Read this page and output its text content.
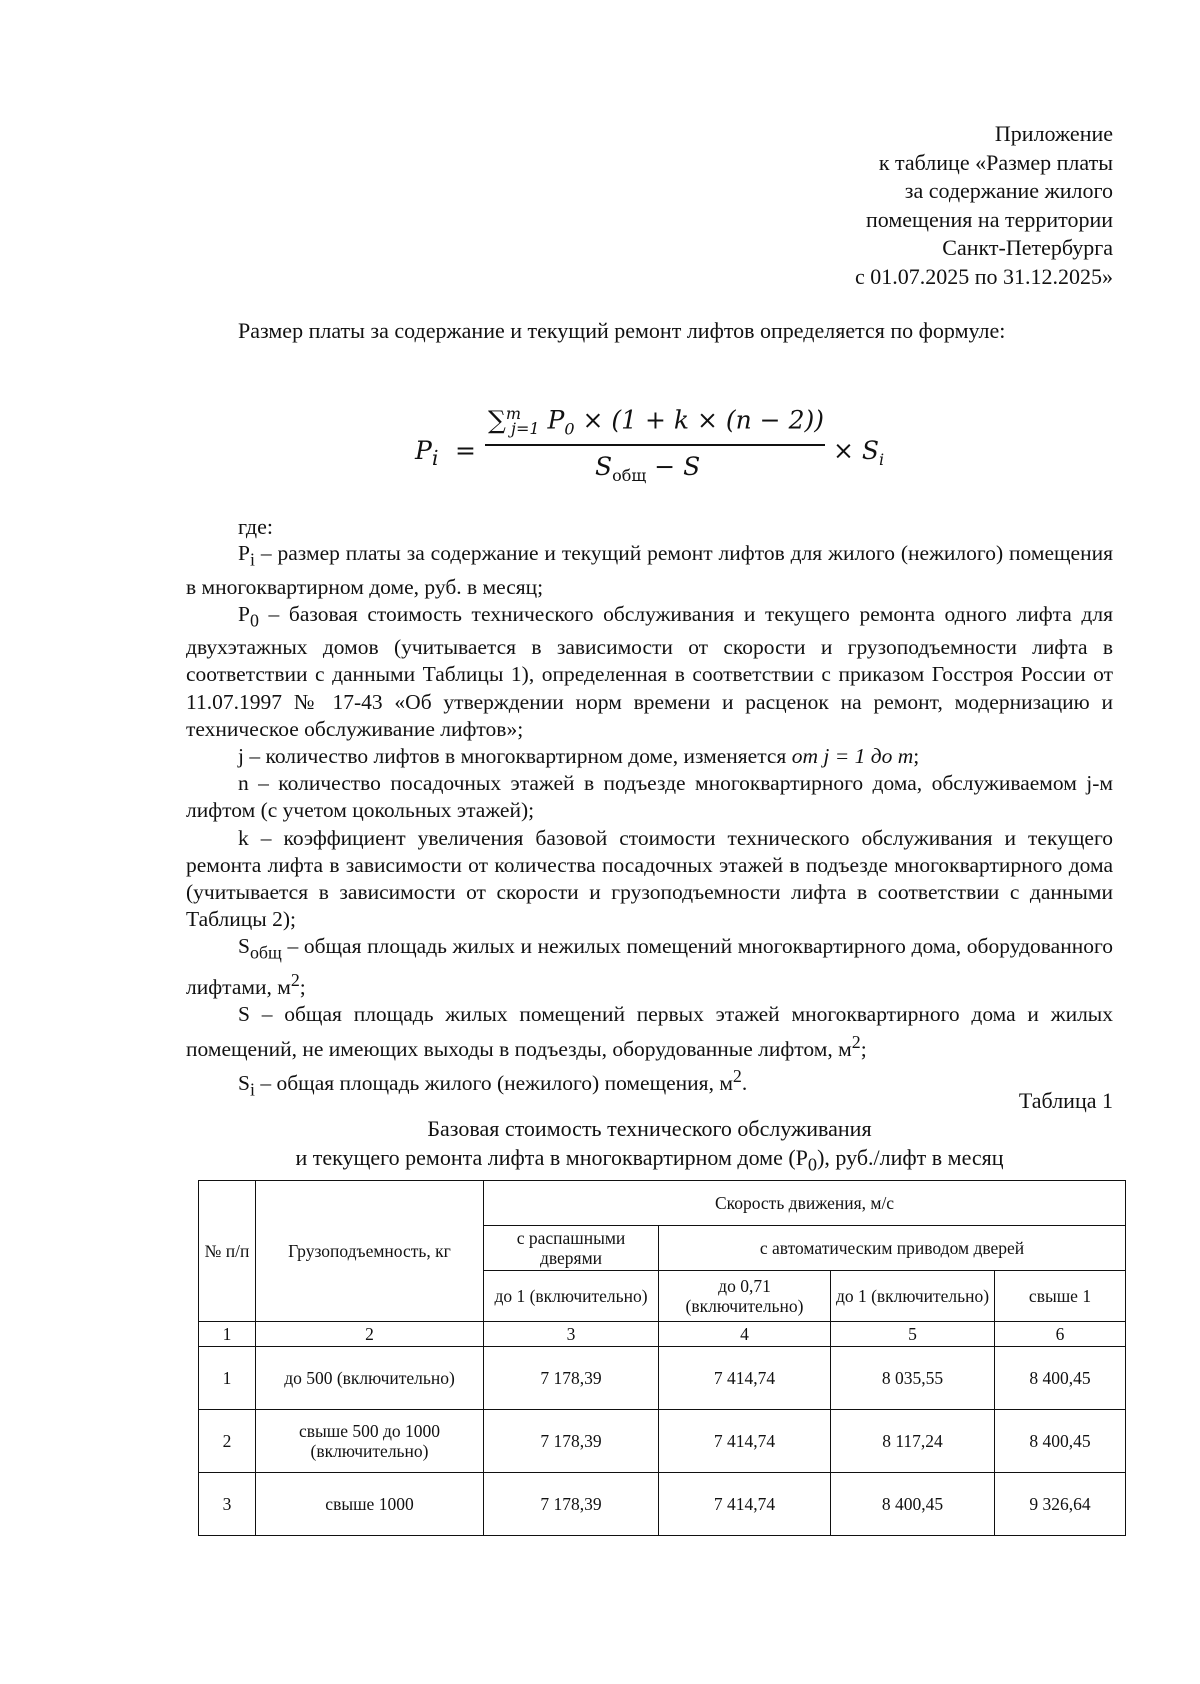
Приложение
к таблице «Размер платы
за содержание жилого
помещения на территории
Санкт-Петербурга
с 01.07.2025 по 31.12.2025»
Размер платы за содержание и текущий ремонт лифтов определяется по формуле:
$P_i$ =
∑$^m_{j=1}$ $P_0 \times (1 + k \times (n - 2))$
$S_{общ} - S$
× $S_i$
где:

$P_i$ – размер платы за содержание и текущий ремонт лифтов для жилого (нежилого) помещения в многоквартирном доме, руб. в месяц;

$P_0$ – базовая стоимость технического обслуживания и текущего ремонта одного лифта для двухэтажных домов (учитывается в зависимости от скорости и грузоподъемности лифта в соответствии с данными Таблицы 1), определенная в соответствии с приказом Госстроя России от 11.07.1997 № 17-43 «Об утверждении норм времени и расценок на ремонт, модернизацию и техническое обслуживание лифтов»;

j – количество лифтов в многоквартирном доме, изменяется от j = 1 до m;

n – количество посадочных этажей в подъезде многоквартирного дома, обслуживаемом j-м лифтом (с учетом цокольных этажей);

k – коэффициент увеличения базовой стоимости технического обслуживания и текущего ремонта лифта в зависимости от количества посадочных этажей в подъезде многоквартирного дома (учитывается в зависимости от скорости и грузоподъемности лифта в соответствии с данными Таблицы 2);

$S_{общ}$ – общая площадь жилых и нежилых помещений многоквартирного дома, оборудованного лифтами, $м^2$;

S – общая площадь жилых помещений первых этажей многоквартирного дома и жилых помещений, не имеющих выходы в подъезды, оборудованные лифтом, $м^2$;

$S_i$ – общая площадь жилого (нежилого) помещения, $м^2$.

Таблица 1
Базовая стоимость технического обслуживания
и текущего ремонта лифта в многоквартирном доме $(P_0)$, руб./лифт в месяц
№ п/п	Грузоподъемность, кг	Скорость движения, м/с			
		с распашными дверями	с автоматическим приводом дверей		
		до 1 (включительно)	до 0,71 (включительно)	до 1 (включительно)	свыше 1
1	2	3	4	5	6
1	до 500 (включительно)	7 178,39	7 414,74	8 035,55	8 400,45
2	свыше 500 до 1000 (включительно)	7 178,39	7 414,74	8 117,24	8 400,45
3	свыше 1000	7 178,39	7 414,74	8 400,45	9 326,64
